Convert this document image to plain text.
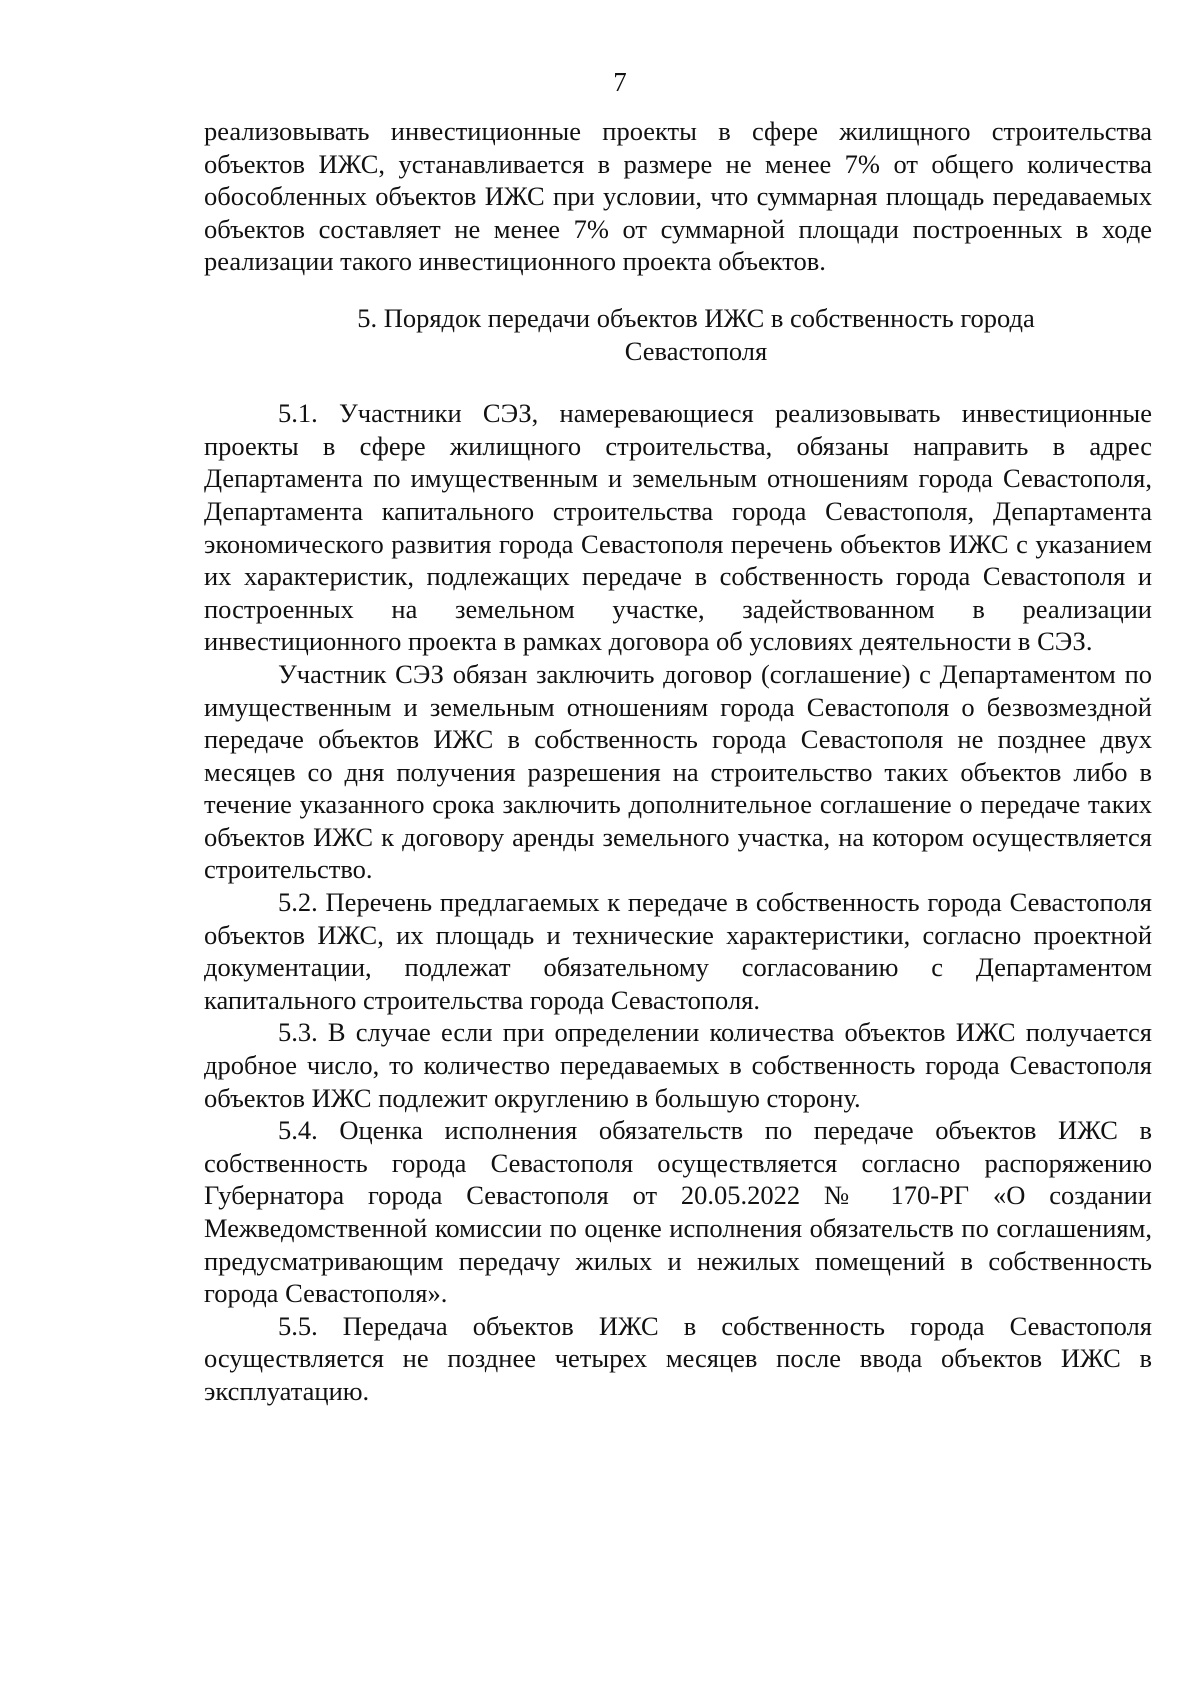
7

реализовывать инвестиционные проекты в сфере жилищного строительства объектов ИЖС, устанавливается в размере не менее 7% от общего количества обособленных объектов ИЖС при условии, что суммарная площадь передаваемых объектов составляет не менее 7% от суммарной площади построенных в ходе реализации такого инвестиционного проекта объектов.

5. Порядок передачи объектов ИЖС в собственность города

Севастополя

5.1. Участники СЭЗ, намеревающиеся реализовывать инвестиционные проекты в сфере жилищного строительства, обязаны направить в адрес Департамента по имущественным и земельным отношениям города Севастополя, Департамента капитального строительства города Севастополя, Департамента экономического развития города Севастополя перечень объектов ИЖС с указанием их характеристик, подлежащих передаче в собственность города Севастополя и построенных на земельном участке, задействованном в реализации инвестиционного проекта в рамках договора об условиях деятельности в СЭЗ.

Участник СЭЗ обязан заключить договор (соглашение) с Департаментом по имущественным и земельным отношениям города Севастополя о безвозмездной передаче объектов ИЖС в собственность города Севастополя не позднее двух месяцев со дня получения разрешения на строительство таких объектов либо в течение указанного срока заключить дополнительное соглашение о передаче таких объектов ИЖС к договору аренды земельного участка, на котором осуществляется строительство.

5.2. Перечень предлагаемых к передаче в собственность города Севастополя объектов ИЖС, их площадь и технические характеристики, согласно проектной документации, подлежат обязательному согласованию с Департаментом капитального строительства города Севастополя.

5.3. В случае если при определении количества объектов ИЖС получается дробное число, то количество передаваемых в собственность города Севастополя объектов ИЖС подлежит округлению в большую сторону.

5.4. Оценка исполнения обязательств по передаче объектов ИЖС в собственность города Севастополя осуществляется согласно распоряжению Губернатора города Севастополя от 20.05.2022 № 170-РГ «О создании Межведомственной комиссии по оценке исполнения обязательств по соглашениям, предусматривающим передачу жилых и нежилых помещений в собственность города Севастополя».

5.5. Передача объектов ИЖС в собственность города Севастополя осуществляется не позднее четырех месяцев после ввода объектов ИЖС в эксплуатацию.
